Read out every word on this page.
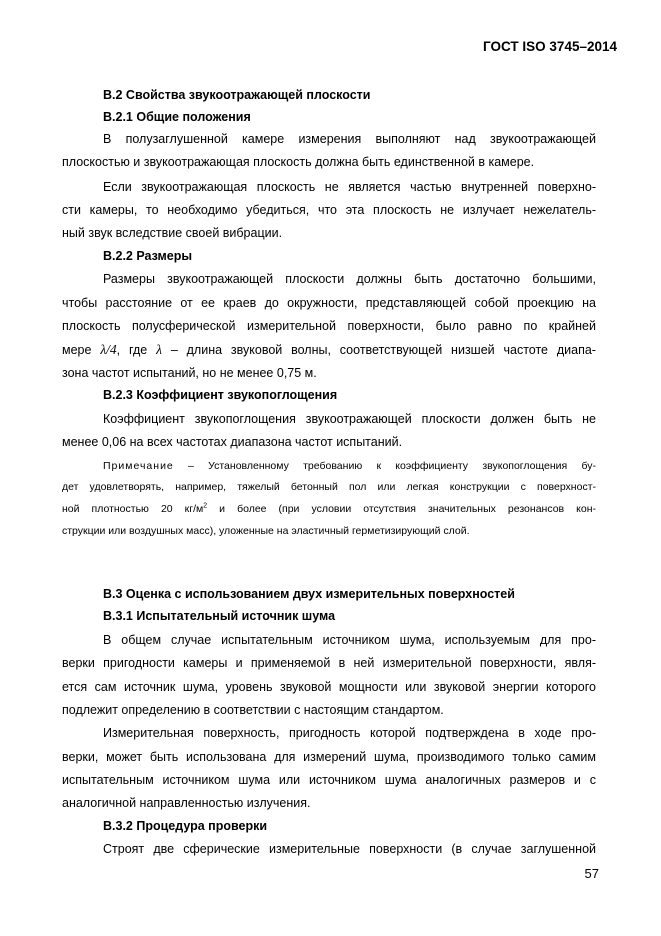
ГОСТ ISO 3745–2014
В.2 Свойства звукоотражающей плоскости
В.2.1 Общие положения
В полузаглушенной камере измерения выполняют над звукоотражающей
плоскостью и звукоотражающая плоскость должна быть единственной в камере.
Если звукоотражающая плоскость не является частью внутренней поверхно-
сти камеры, то необходимо убедиться, что эта плоскость не излучает нежелатель-
ный звук вследствие своей вибрации.
В.2.2 Размеры
Размеры звукоотражающей плоскости должны быть достаточно большими,
чтобы расстояние от ее краев до окружности, представляющей собой проекцию на
плоскость полусферической измерительной поверхности, было равно по крайней
мере λ/4, где λ – длина звуковой волны, соответствующей низшей частоте диапа-
зона частот испытаний, но не менее 0,75 м.
В.2.3 Коэффициент звукопоглощения
Коэффициент звукопоглощения звукоотражающей плоскости должен быть не
менее 0,06 на всех частотах диапазона частот испытаний.
Примечание – Установленному требованию к коэффициенту звукопоглощения бу-
дет удовлетворять, например, тяжелый бетонный пол или легкая конструкции с поверхност-
ной плотностью 20 $кг/м^2$ и более (при условии отсутствия значительных резонансов кон-
струкции или воздушных масс), уложенные на эластичный герметизирующий слой.
В.3 Оценка с использованием двух измерительных поверхностей
В.3.1 Испытательный источник шума
В общем случае испытательным источником шума, используемым для про-
верки пригодности камеры и применяемой в ней измерительной поверхности, явля-
ется сам источник шума, уровень звуковой мощности или звуковой энергии которого
подлежит определению в соответствии с настоящим стандартом.
Измерительная поверхность, пригодность которой подтверждена в ходе про-
верки, может быть использована для измерений шума, производимого только самим
испытательным источником шума или источником шума аналогичных размеров и с
аналогичной направленностью излучения.
В.3.2 Процедура проверки
Строят две сферические измерительные поверхности (в случае заглушенной
57
